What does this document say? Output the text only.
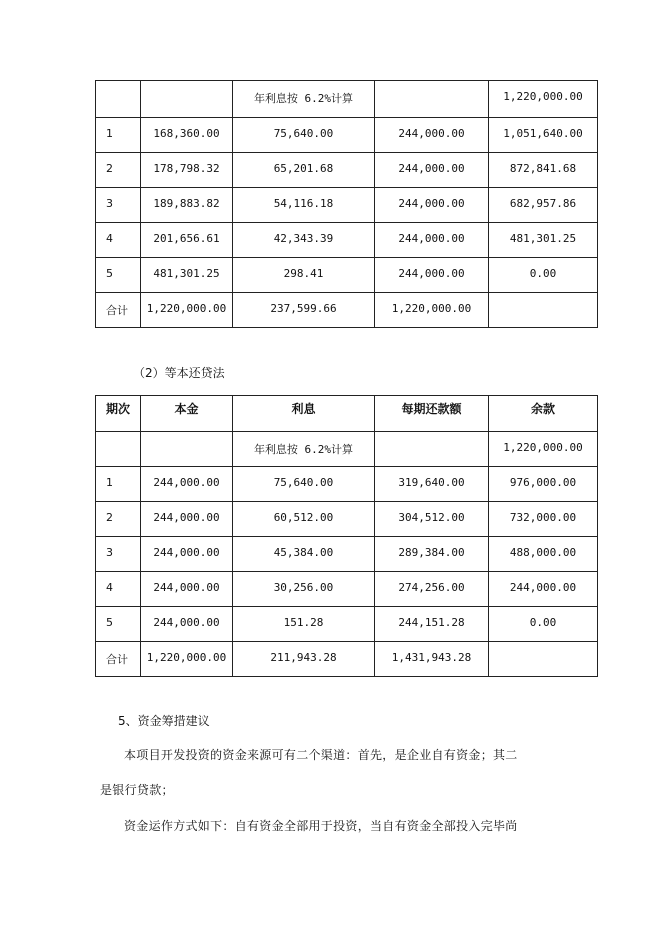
		年利息按 6.2%计算		1,220,000.00
1	168,360.00	75,640.00	244,000.00	1,051,640.00
2	178,798.32	65,201.68	244,000.00	872,841.68
3	189,883.82	54,116.18	244,000.00	682,957.86
4	201,656.61	42,343.39	244,000.00	481,301.25
5	481,301.25	298.41	244,000.00	0.00
合计	1,220,000.00	237,599.66	1,220,000.00	
（2）等本还贷法
期次	本金	利息	每期还款额	余款
		年利息按 6.2%计算		1,220,000.00
1	244,000.00	75,640.00	319,640.00	976,000.00
2	244,000.00	60,512.00	304,512.00	732,000.00
3	244,000.00	45,384.00	289,384.00	488,000.00
4	244,000.00	30,256.00	274,256.00	244,000.00
5	244,000.00	151.28	244,151.28	0.00
合计	1,220,000.00	211,943.28	1,431,943.28	
5、资金筹措建议
本项目开发投资的资金来源可有二个渠道：首先，是企业自有资金；其二
是银行贷款；
资金运作方式如下：自有资金全部用于投资，当自有资金全部投入完毕尚
